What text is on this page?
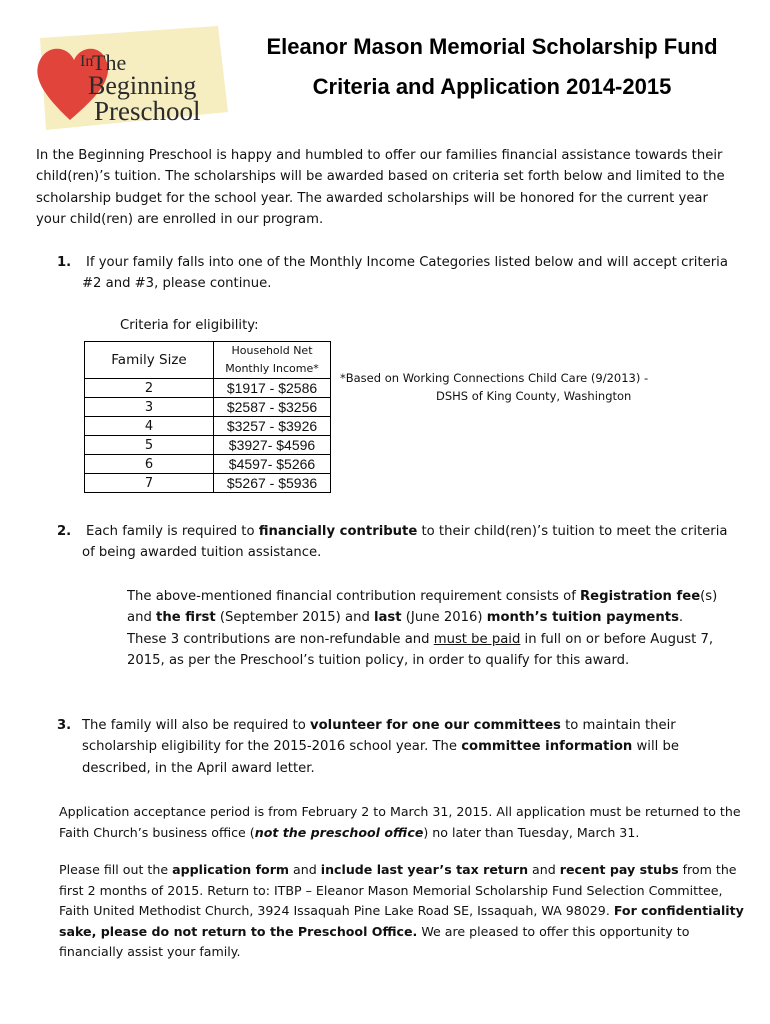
In
The
Beginning
Preschool
Eleanor Mason Memorial Scholarship Fund
Criteria and Application 2014-2015
In the Beginning Preschool is happy and humbled to offer our families financial assistance towards their child(ren)’s tuition. The scholarships will be awarded based on criteria set forth below and limited to the scholarship budget for the school year. The awarded scholarships will be honored for the current year your child(ren) are enrolled in our program.
1.	If your family falls into one of the Monthly Income Categories listed below and will accept criteria #2 and #3, please continue.
Criteria for eligibility:
Family Size	Household Net Monthly Income*
2	$1917 - $2586
3	$2587 - $3256
4	$3257 - $3926
5	$3927- $4596
6	$4597- $5266
7	$5267 - $5936
*Based on Working Connections Child Care (9/2013) -
DSHS of King County, Washington
2.	Each family is required to financially contribute to their child(ren)’s tuition to meet the criteria of being awarded tuition assistance.
The above-mentioned financial contribution requirement consists of Registration fee(s) and the first (September 2015) and last (June 2016) month’s tuition payments. These 3 contributions are non-refundable and must be paid in full on or before August 7, 2015, as per the Preschool’s tuition policy, in order to qualify for this award.
3. The family will also be required to volunteer for one our committees to maintain their scholarship eligibility for the 2015-2016 school year. The committee information will be described, in the April award letter.
Application acceptance period is from February 2 to March 31, 2015. All application must be returned to the Faith Church’s business office (not the preschool office) no later than Tuesday, March 31.
Please fill out the application form and include last year’s tax return and recent pay stubs from the first 2 months of 2015. Return to: ITBP – Eleanor Mason Memorial Scholarship Fund Selection Committee, Faith United Methodist Church, 3924 Issaquah Pine Lake Road SE, Issaquah, WA 98029. For confidentiality sake, please do not return to the Preschool Office. We are pleased to offer this opportunity to financially assist your family.
